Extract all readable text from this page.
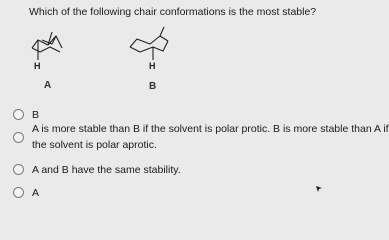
Which of the following chair conformations is the most stable?
H
A
H
B
B
A is more stable than B if the solvent is polar protic. B is more stable than A if
the solvent is polar aprotic.
A and B have the same stability.
A
